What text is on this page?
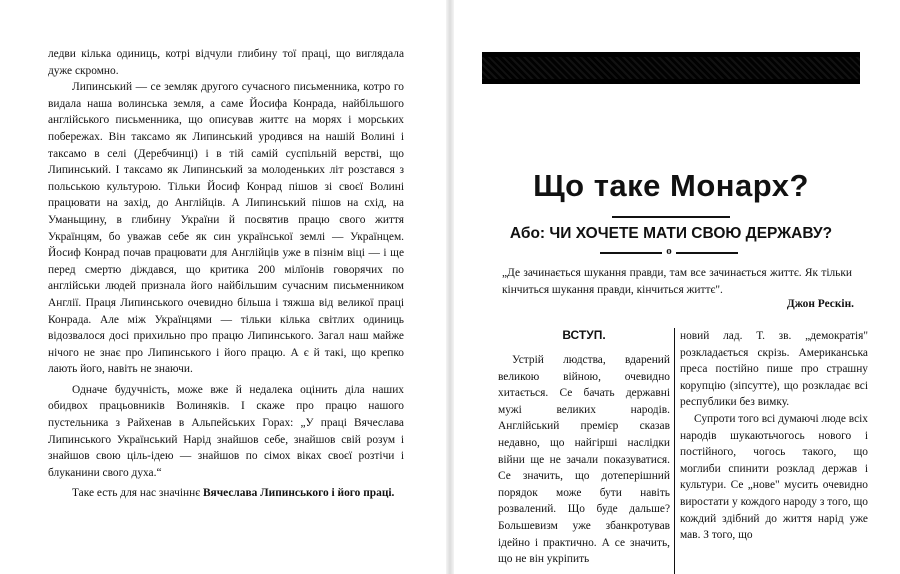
ледви кілька одиниць, котрі відчули глибину тої праці, що виглядала дуже скромно.

Липинський — се земляк другого сучасного письменника, котро го видала наша волинська земля, а саме Йосифа Конрада, найбільшого англійського письменника, що описував життє на морях і морських побережах. Він таксамо як Липинський уродився на нашій Волині і таксамо в селі (Деребчинці) і в тій самій суспільній верстві, що Липинський. І таксамо як Липинський за молоденьких літ розстався з польською культурою. Тільки Йосиф Конрад пішов зі своєї Волині працювати на захід, до Англійців. А Липинський пішов на схід, на Уманьщину, в глибину України й посвятив працю свого життя Українцям, бо уважав себе як син української землі — Українцем. Йосиф Конрад почав працювати для Англійців уже в пізнім віці — і ще перед смертю діждався, що критика 200 мілїонів говорячих по англійськи людей признала його найбільшим сучасним письменником Англії. Праця Липинського очевидно більша і тяжша від великої праці Конрада. Але між Українцями — тільки кілька світлих одиниць відозвалося досі прихильно про працю Липинського. Загал наш майже нічого не знає про Липинського і його працю. А є й такі, що крепко лають його, навіть не знаючи.

Одначе будучність, може вже й недалека оцінить діла наших обидвох працьовників Волиняків. І скажe про працю нашого пустельника з Райхенав в Альпейських Горах: „У праці Вячеслава Липинського Український Нарід знайшов себе, знайшов свій розум і знайшов свою ціль-ідею — знайшов по сімох віках своєї розтічи і блуканини свого духа.“

Таке есть для нас значіннє Вячеслава Липинського і його праці.

Що таке Монарх?
Або: ЧИ ХОЧЕТЕ МАТИ СВОЮ ДЕРЖАВУ?
o
„Де зачинається шукання правди, там все зачинається життє. Як тільки кінчиться шукання правди, кінчиться життє".
Джон Рескін.
ВСТУП.

Устрій людства, вдарений великою війною, очевидно хитається. Се бачать державні мужі великих народів. Англійський премієр сказав недавно, що найгірші наслідки війни ще не зачали показуватися. Се значить, що дотеперішний порядок може бути навіть розвалений. Що буде дальше? Большевизм уже збанкротував ідейно і практично. А се значить, що не він укріпить

новий лад. Т. зв. „демократія" розкладається скрізь. Американська преса постійно пише про страшну корупцію (зіпсутте), що розкладає всі республики без вимку.

Супроти того всі думаючі люде всіх народів шукаютьчогось нового і постійного, чогось такого, що моглиби спинити розклад держав і культури. Се „нове" мусить очевидно виростати у кождого народу з того, що кождий здібний до життя нарід уже мав. З того, що
